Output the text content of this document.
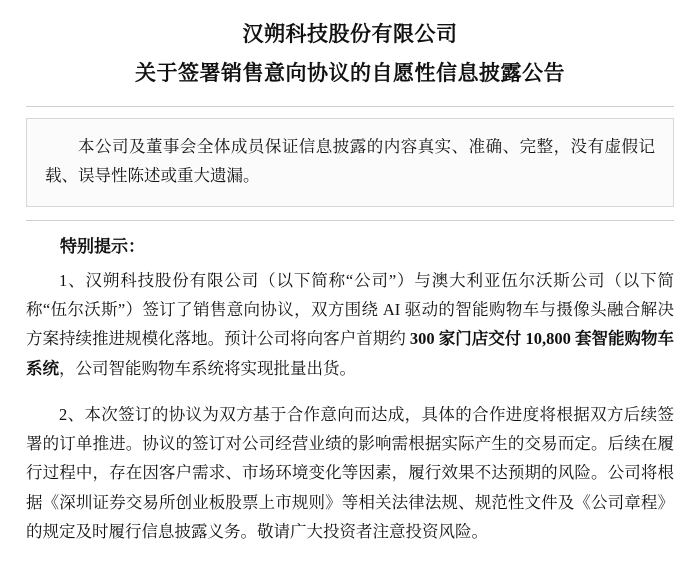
汉朔科技股份有限公司
关于签署销售意向协议的自愿性信息披露公告
本公司及董事会全体成员保证信息披露的内容真实、准确、完整，没有虚假记载、误导性陈述或重大遗漏。
特别提示：

1、汉朔科技股份有限公司（以下简称“公司”）与澳大利亚伍尔沃斯公司（以下简称“伍尔沃斯”）签订了销售意向协议，双方围绕 AI 驱动的智能购物车与摄像头融合解决方案持续推进规模化落地。预计公司将向客户首期约 300 家门店交付 10,800 套智能购物车系统，公司智能购物车系统将实现批量出货。

2、本次签订的协议为双方基于合作意向而达成，具体的合作进度将根据双方后续签署的订单推进。协议的签订对公司经营业绩的影响需根据实际产生的交易而定。后续在履行过程中，存在因客户需求、市场环境变化等因素，履行效果不达预期的风险。公司将根据《深圳证券交易所创业板股票上市规则》等相关法律法规、规范性文件及《公司章程》的规定及时履行信息披露义务。敬请广大投资者注意投资风险。
